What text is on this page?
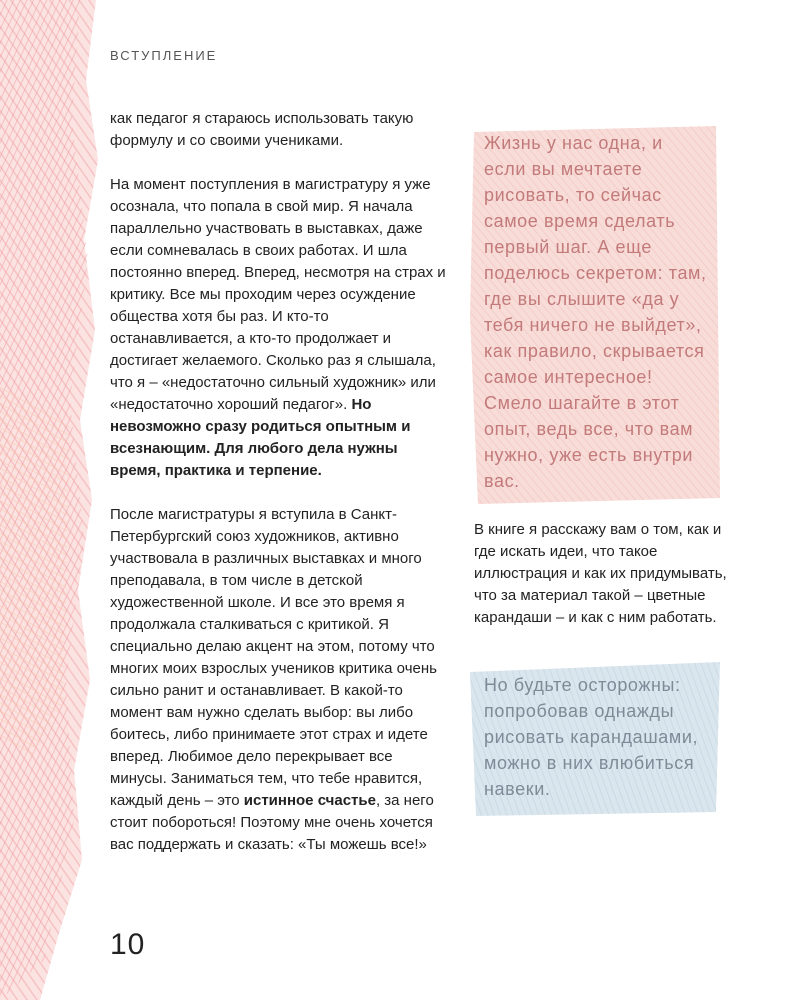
ВСТУПЛЕНИЕ

как педагог я стараюсь использовать такую формулу и со своими учениками.

На момент поступления в магистратуру я уже осознала, что попала в свой мир. Я начала параллельно участвовать в выставках, даже если сомневалась в своих работах. И шла постоянно вперед. Вперед, несмотря на страх и критику. Все мы проходим через осуждение общества хотя бы раз. И кто-то останавливается, а кто-то продолжает и достигает желаемого. Сколько раз я слышала, что я – «недостаточно сильный художник» или «недостаточно хороший педагог». Но невозможно сразу родиться опытным и всезнающим. Для любого дела нужны время, практика и терпение.

После магистратуры я вступила в Санкт-Петербургский союз художников, активно участвовала в различных выставках и много преподавала, в том числе в детской художественной школе. И все это время я продолжала сталкиваться с критикой. Я специально делаю акцент на этом, потому что многих моих взрослых учеников критика очень сильно ранит и останавливает. В какой-то момент вам нужно сделать выбор: вы либо боитесь, либо принимаете этот страх и идете вперед. Любимое дело перекрывает все минусы. Заниматься тем, что тебе нравится, каждый день – это истинное счастье, за него стоит побороться! Поэтому мне очень хочется вас поддержать и сказать: «Ты можешь все!»

Жизнь у нас одна, и если вы мечтаете рисовать, то сейчас самое время сделать первый шаг. А еще поделюсь секретом: там, где вы слышите «да у тебя ничего не выйдет», как правило, скрывается самое интересное! Смело шагайте в этот опыт, ведь все, что вам нужно, уже есть внутри вас.

В книге я расскажу вам о том, как и где искать идеи, что такое иллюстрация и как их придумывать, что за материал такой – цветные карандаши – и как с ним работать.

Но будьте осторожны: попробовав однажды рисовать карандашами, можно в них влюбиться навеки.

10
